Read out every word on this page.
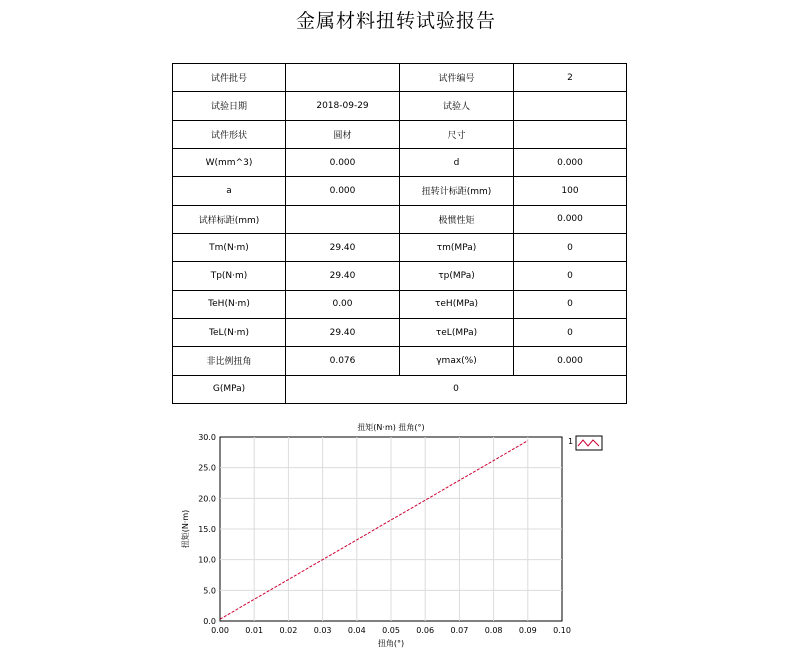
金属材料扭转试验报告
试件批号		试件编号	2
试验日期	2018-09-29	试验人	
试件形状	圆材	尺寸	
W(mm^3)	0.000	d	0.000
a	0.000	扭转计标距(mm)	100
试样标距(mm)		极惯性矩	0.000
Tm(N·m)	29.40	τm(MPa)	0
Tp(N·m)	29.40	τp(MPa)	0
TeH(N·m)	0.00	τeH(MPa)	0
TeL(N·m)	29.40	τeL(MPa)	0
非比例扭角	0.076	γmax(%)	0.000
G(MPa)	0		
0.00 0.01 0.02 0.03 0.04 0.05 0.06 0.07 0.08 0.09 0.10
0.0
5.0
10.0
15.0
20.0
25.0
30.0
扭矩(N·m) 扭角(°)
扭角(°)
扭矩(N·m)
1
